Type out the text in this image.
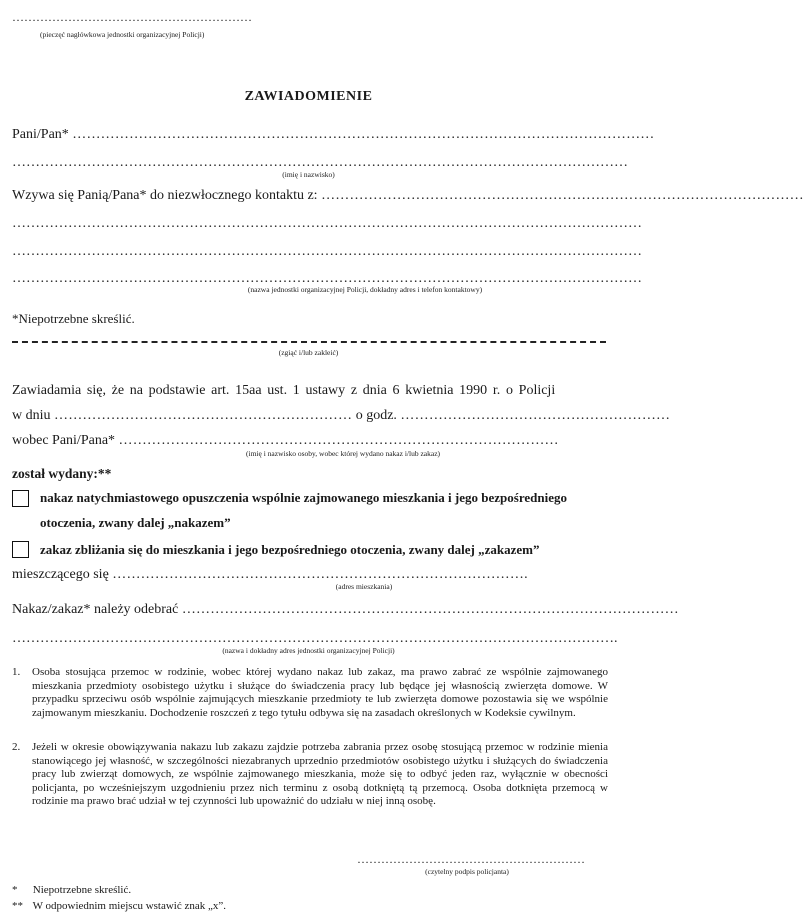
……………………………………………………
(pieczęć nagłówkowa jednostki organizacyjnej Policji)
ZAWIADOMIENIE
Pani/Pan* ……………………………………………………………………………………………………………
……………………………………………………………………………………………………………………
(imię i nazwisko)
Wzywa się Panią/Pana* do niezwłocznego kontaktu z: …………………………………………………………………………………………
………………………………………………………………………………………………………………………
………………………………………………………………………………………………………………………
………………………………………………………………………………………………………………………
(nazwa jednostki organizacyjnej Policji, dokładny adres i telefon kontaktowy)
*Niepotrzebne skreślić.
(zgiąć i/lub zakleić)
Zawiadamia się, że na podstawie art. 15aa ust. 1 ustawy z dnia 6 kwietnia 1990 r. o Policji
w dniu ……………………………………………………… o godz. …………………………………………………
wobec Pani/Pana* …………………………………………………………………………………
(imię i nazwisko osoby, wobec której wydano nakaz i/lub zakaz)
został wydany:**
nakaz natychmiastowego opuszczenia wspólnie zajmowanego mieszkania i jego bezpośredniego
otoczenia, zwany dalej „nakazem”
zakaz zbliżania się do mieszkania i jego bezpośredniego otoczenia, zwany dalej „zakazem”
mieszczącego się …………………………………………………………………………….
(adres mieszkania)
Nakaz/zakaz* należy odebrać ……………………………………………………………………………………………
………………………………………………………………………………………………………………….
(nazwa i dokładny adres jednostki organizacyjnej Policji)
1. Osoba stosująca przemoc w rodzinie, wobec której wydano nakaz lub zakaz, ma prawo zabrać ze wspólnie zajmowanego mieszkania przedmioty osobistego użytku i służące do świadczenia pracy lub będące jej własnością zwierzęta domowe. W przypadku sprzeciwu osób wspólnie zajmujących mieszkanie przedmioty te lub zwierzęta domowe pozostawia się we wspólnie zajmowanym mieszkaniu. Dochodzenie roszczeń z tego tytułu odbywa się na zasadach określonych w Kodeksie cywilnym.
2. Jeżeli w okresie obowiązywania nakazu lub zakazu zajdzie potrzeba zabrania przez osobę stosującą przemoc w rodzinie mienia stanowiącego jej własność, w szczególności niezabranych uprzednio przedmiotów osobistego użytku i służących do świadczenia pracy lub zwierząt domowych, ze wspólnie zajmowanego mieszkania, może się to odbyć jeden raz, wyłącznie w obecności policjanta, po wcześniejszym uzgodnieniu przez nich terminu z osobą dotkniętą tą przemocą. Osoba dotknięta przemocą w rodzinie ma prawo brać udział w tej czynności lub upoważnić do udziału w niej inną osobę.
…………………………………………………
(czytelny podpis policjanta)
* Niepotrzebne skreślić.
** W odpowiednim miejscu wstawić znak „x”.
